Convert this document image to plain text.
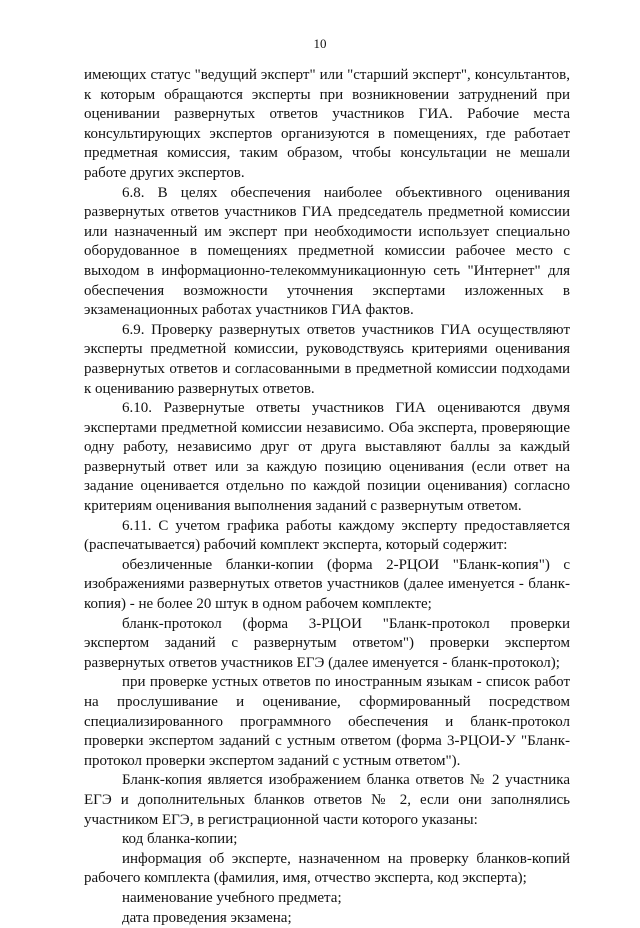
10

имеющих статус "ведущий эксперт" или "старший эксперт", консультантов, к которым обращаются эксперты при возникновении затруднений при оценивании развернутых ответов участников ГИА. Рабочие места консультирующих экспертов организуются в помещениях, где работает предметная комиссия, таким образом, чтобы консультации не мешали работе других экспертов.

6.8. В целях обеспечения наиболее объективного оценивания развернутых ответов участников ГИА председатель предметной комиссии или назначенный им эксперт при необходимости использует специально оборудованное в помещениях предметной комиссии рабочее место с выходом в информационно-телекоммуникационную сеть "Интернет" для обеспечения возможности уточнения экспертами изложенных в экзаменационных работах участников ГИА фактов.

6.9. Проверку развернутых ответов участников ГИА осуществляют эксперты предметной комиссии, руководствуясь критериями оценивания развернутых ответов и согласованными в предметной комиссии подходами к оцениванию развернутых ответов.

6.10. Развернутые ответы участников ГИА оцениваются двумя экспертами предметной комиссии независимо. Оба эксперта, проверяющие одну работу, независимо друг от друга выставляют баллы за каждый развернутый ответ или за каждую позицию оценивания (если ответ на задание оценивается отдельно по каждой позиции оценивания) согласно критериям оценивания выполнения заданий с развернутым ответом.

6.11. С учетом графика работы каждому эксперту предоставляется (распечатывается) рабочий комплект эксперта, который содержит:

обезличенные бланки-копии (форма 2-РЦОИ "Бланк-копия") с изображениями развернутых ответов участников (далее именуется - бланк-копия) - не более 20 штук в одном рабочем комплекте;

бланк-протокол (форма 3-РЦОИ "Бланк-протокол проверки экспертом заданий с развернутым ответом") проверки экспертом развернутых ответов участников ЕГЭ (далее именуется - бланк-протокол);

при проверке устных ответов по иностранным языкам - список работ на прослушивание и оценивание, сформированный посредством специализированного программного обеспечения и бланк-протокол проверки экспертом заданий с устным ответом (форма 3-РЦОИ-У "Бланк-протокол проверки экспертом заданий с устным ответом").

Бланк-копия является изображением бланка ответов № 2 участника ЕГЭ и дополнительных бланков ответов № 2, если они заполнялись участником ЕГЭ, в регистрационной части которого указаны:

код бланка-копии;

информация об эксперте, назначенном на проверку бланков-копий рабочего комплекта (фамилия, имя, отчество эксперта, код эксперта);

наименование учебного предмета;

дата проведения экзамена;
